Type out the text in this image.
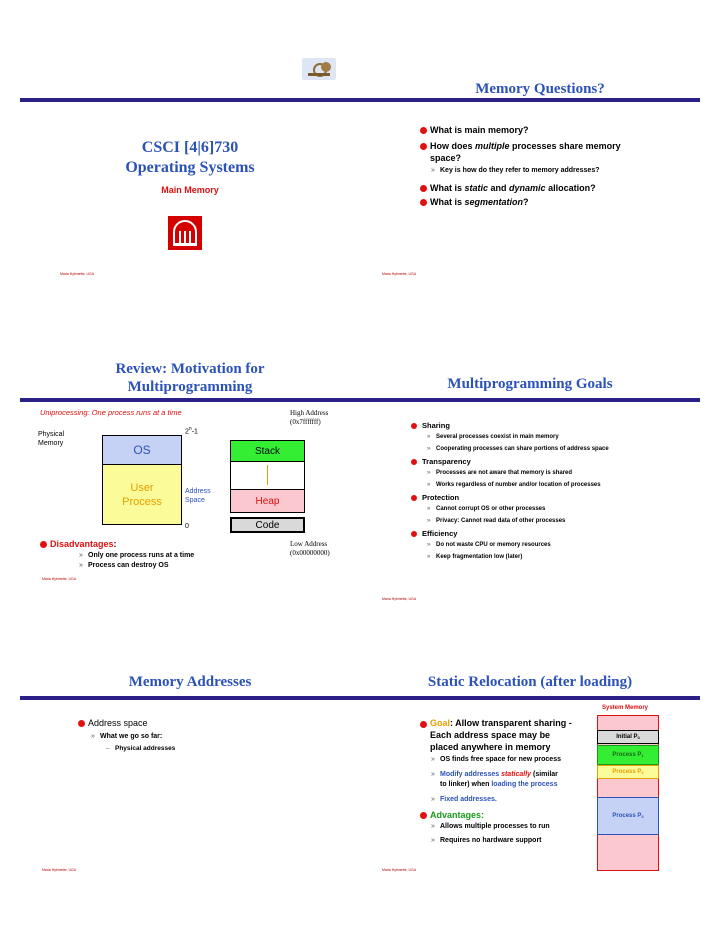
CSCI [4|6]730
Operating Systems
Main Memory
Maria Hybinette, UGA
Memory Questions?
What is main memory?
How does multiple processes share memory
space?
» Key is how do they refer to memory addresses?
What is static and dynamic allocation?
What is segmentation?
Maria Hybinette, UGA
Review: Motivation for
Multiprogramming
Uniprocessing: One process runs at a time	High Address
(0x7fffffff)
2$^n$-1
Physical
Memory	OS
User
Process
Address
Space
0
Stack
Heap
Code
Low Address
(0x00000000)
Disadvantages:
» Only one process runs at a time
» Process can destroy OS
Maria Hybinette, UGA
Multiprogramming Goals
Sharing
» Several processes coexist in main memory
» Cooperating processes can share portions of address space
Transparency
» Processes are not aware that memory is shared
» Works regardless of number and/or location of processes
Protection
» Cannot corrupt OS or other processes
» Privacy: Cannot read data of other processes
Efficiency
» Do not waste CPU or memory resources
» Keep fragmentation low (later)
Maria Hybinette, UGA
Memory Addresses
Address space
» What we go so far:
– Physical addresses
Maria Hybinette, UGA
Static Relocation (after loading)
Goal: Allow transparent sharing -
Each address space may be
placed anywhere in memory
» OS finds free space for new process
» Modify addresses statically (similar
to linker) when loading the process
» Fixed addresses.
Advantages:
» Allows multiple processes to run
» Requires no hardware support
System Memory
Initial P 0
Process P 1
Process P 2
Process P 3
Maria Hybinette, UGA
